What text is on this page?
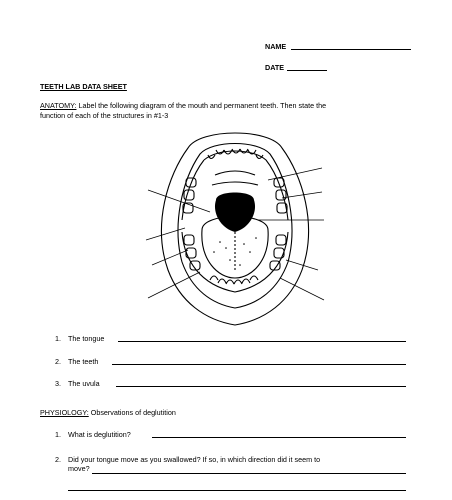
NAME
DATE
TEETH LAB DATA SHEET
ANATOMY: Label the following diagram of the mouth and permanent teeth. Then state the
function of each of the structures in #1-3
1. The tongue
2. The teeth
3. The uvula
PHYSIOLOGY: Observations of deglutition
1. What is deglutition?
2. Did your tongue move as you swallowed? If so, in which direction did it seem to
move?
